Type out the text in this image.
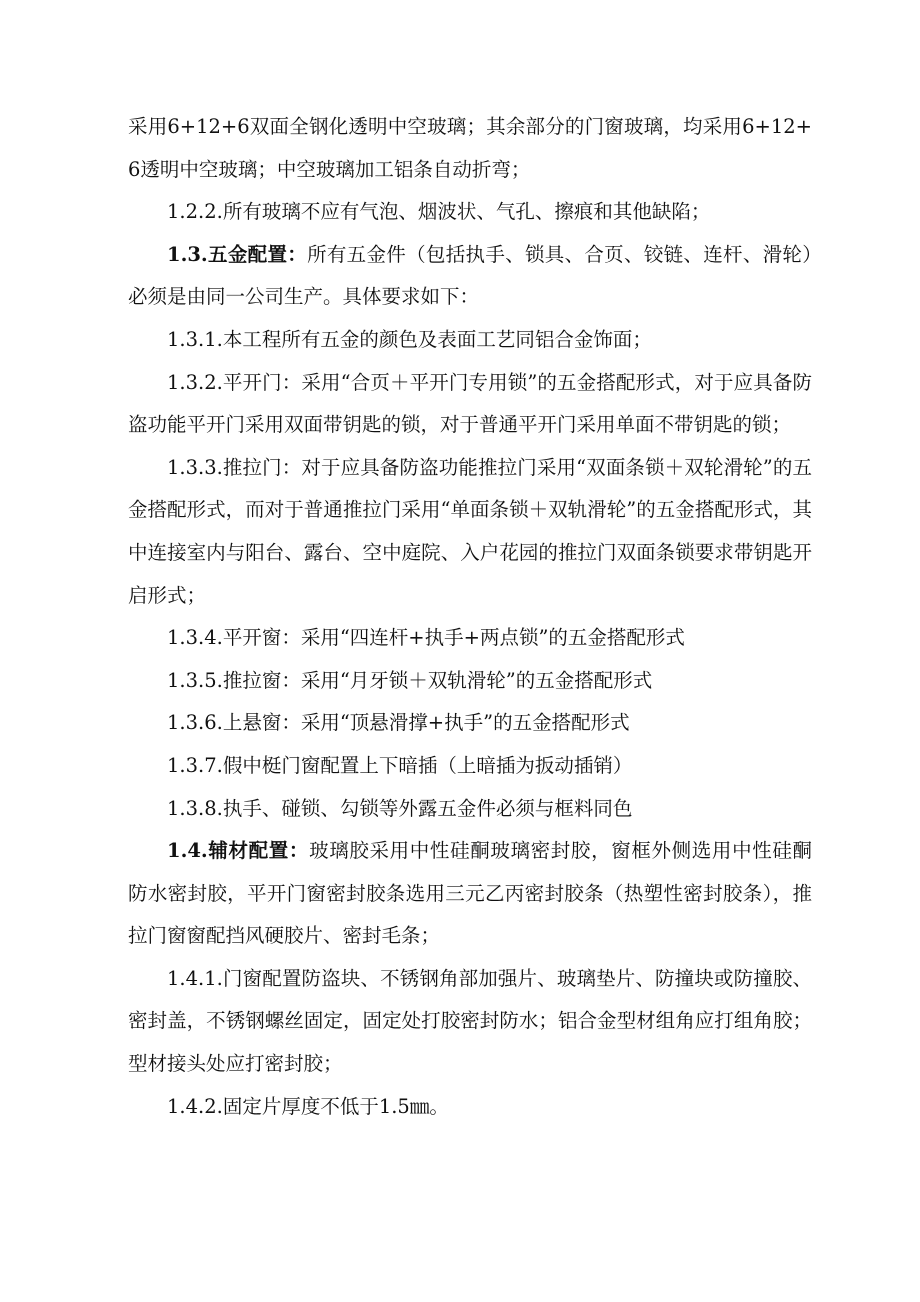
采用6+12+6双面全钢化透明中空玻璃；其余部分的门窗玻璃，均采用6+12+6透明中空玻璃；中空玻璃加工铝条自动折弯；

1.2.2.所有玻璃不应有气泡、烟波状、气孔、擦痕和其他缺陷；

1.3.五金配置：所有五金件（包括执手、锁具、合页、铰链、连杆、滑轮）必须是由同一公司生产。具体要求如下：

1.3.1.本工程所有五金的颜色及表面工艺同铝合金饰面；

1.3.2.平开门：采用“合页＋平开门专用锁”的五金搭配形式，对于应具备防盗功能平开门采用双面带钥匙的锁，对于普通平开门采用单面不带钥匙的锁；

1.3.3.推拉门：对于应具备防盗功能推拉门采用“双面条锁＋双轮滑轮”的五金搭配形式，而对于普通推拉门采用“单面条锁＋双轨滑轮”的五金搭配形式，其中连接室内与阳台、露台、空中庭院、入户花园的推拉门双面条锁要求带钥匙开启形式；

1.3.4.平开窗：采用“四连杆+执手+两点锁”的五金搭配形式

1.3.5.推拉窗：采用“月牙锁＋双轨滑轮”的五金搭配形式

1.3.6.上悬窗：采用“顶悬滑撑+执手”的五金搭配形式

1.3.7.假中梃门窗配置上下暗插（上暗插为扳动插销）

1.3.8.执手、碰锁、勾锁等外露五金件必须与框料同色

1.4.辅材配置：玻璃胶采用中性硅酮玻璃密封胶，窗框外侧选用中性硅酮防水密封胶，平开门窗密封胶条选用三元乙丙密封胶条（热塑性密封胶条），推拉门窗窗配挡风硬胶片、密封毛条；

1.4.1.门窗配置防盗块、不锈钢角部加强片、玻璃垫片、防撞块或防撞胶、密封盖，不锈钢螺丝固定，固定处打胶密封防水；铝合金型材组角应打组角胶；型材接头处应打密封胶；

1.4.2.固定片厚度不低于1.5㎜。
